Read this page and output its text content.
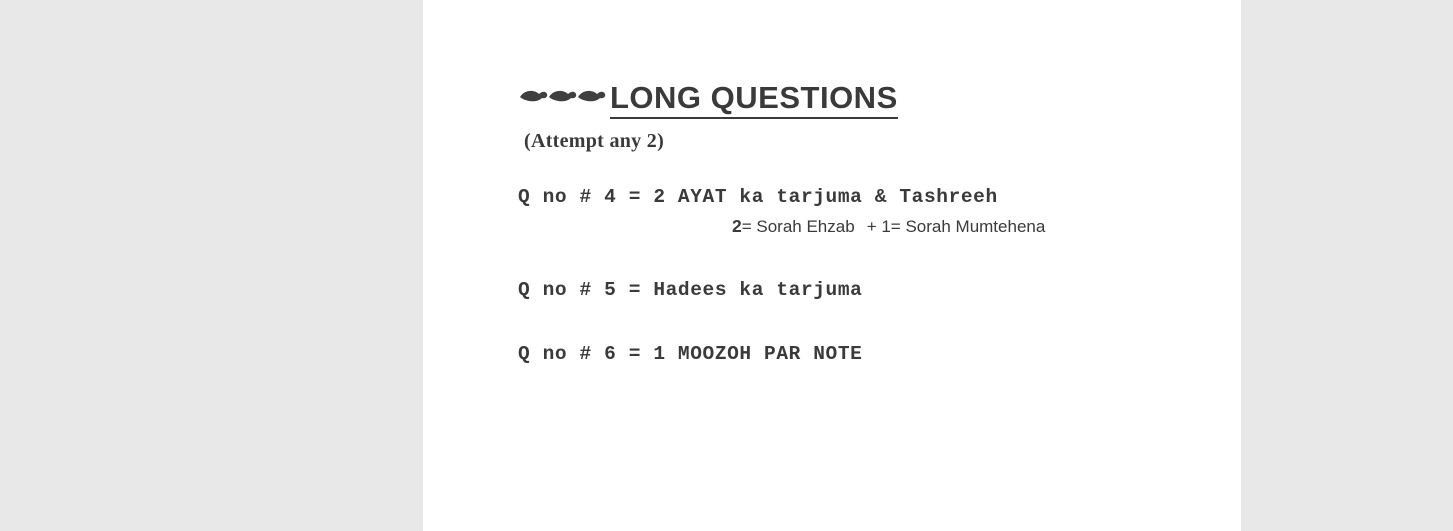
LONG QUESTIONS
(Attempt any 2)
Q no # 4 = 2 AYAT ka tarjuma & Tashreeh
2= Sorah Ehzab + 1= Sorah Mumtehena
Q no # 5 = Hadees ka tarjuma
Q no # 6 = 1 MOOZOH PAR NOTE
